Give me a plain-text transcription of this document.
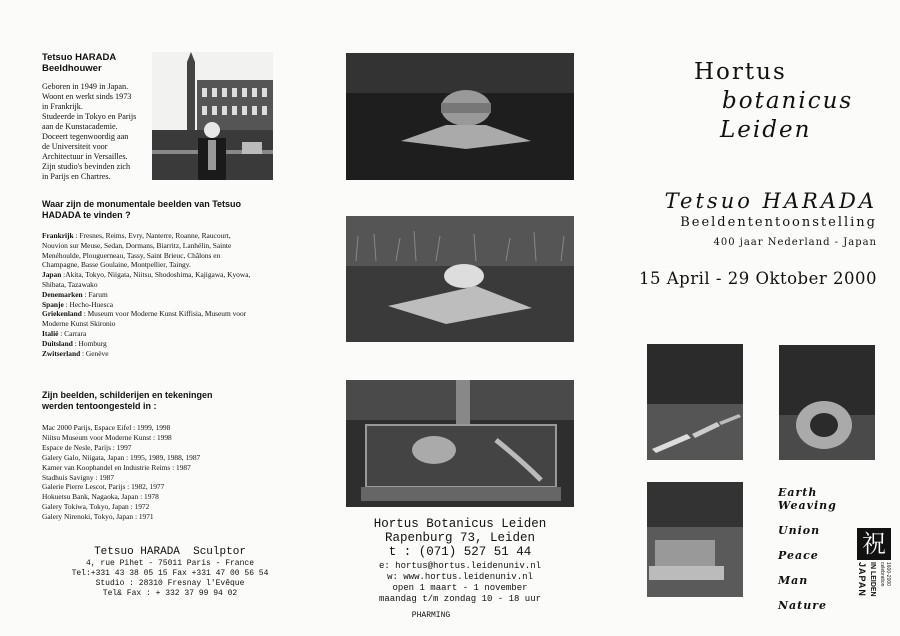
Tetsuo HARADA
Beeldhouwer
Geboren in 1949 in Japan.
Woont en werkt sinds 1973
in Frankrijk.
Studeerde in Tokyo en Parijs
aan de Kunstacademie.
Doceert tegenwoordig aan
de Universiteit voor
Architectuur in Versailles.
Zijn studio's bevinden zich
in Parijs en Chartres.
Waar zijn de monumentale beelden van Tetsuo
HADADA te vinden ?
Frankrijk : Fresnes, Reims, Evry, Nanterre, Roanne, Raucourt,
Nouvion sur Meuse, Sedan, Dormans, Biarritz, Lanhélin, Sainte
Menéhoulde, Plouguerneau, Tassy, Saint Brieuc, Châlons en
Champagne, Basse Goulaine, Montpellier, Taingy.
Japan :Akita, Tokyo, Niigata, Niitsu, Shodoshima, Kajigawa, Kyowa,
Shibata, Tazawako
Denemarken : Farum
Spanje : Hecho-Huesca
Griekenland : Museum voor Moderne Kunst Kiffisia, Museum voor
Moderne Kunst Skironio
Italië : Carrara
Duitsland : Homburg
Zwitserland : Genève
Zijn beelden, schilderijen en tekeningen
werden tentoongesteld in :
Mac 2000 Parijs, Espace Eifel : 1999, 1998
Niitsu Museum voor Moderne Kunst : 1998
Espace de Nesle, Parijs : 1997
Galery Galo, Niigata, Japan : 1995, 1989, 1988, 1987
Kamer van Koophandel en Industrie Reims : 1987
Stadhuis Savigny : 1987
Galerie Pierre Lescot, Parijs : 1982, 1977
Hokuetsu Bank, Nagaoka, Japan : 1978
Galery Tokiwa, Tokyo, Japan : 1972
Galery Nirenoki, Tokyo, Japan : 1971
Tetsuo HARADA Sculptor
4, rue Pihet - 75011 Paris - France
Tel:+331 43 38 05 15 Fax +331 47 00 56 54
Studio : 28310 Fresnay l'Evêque
Tel& Fax : + 332 37 99 94 02
Hortus Botanicus Leiden
Rapenburg 73, Leiden
t : (071) 527 51 44
e: hortus@hortus.leidenuniv.nl
w: www.hortus.leidenuniv.nl
open 1 maart - 1 november
maandag t/m zondag 10 - 18 uur
PHARMING
Hortus
botanicus
Leiden
Tetsuo HARADA
Beeldententoonstelling
400 jaar Nederland - Japan
15 April - 29 Oktober 2000
Earth Weaving
Union
Peace
Man
Nature
祝
JAPAN IN LEIDEN	1600-2000 celebration
